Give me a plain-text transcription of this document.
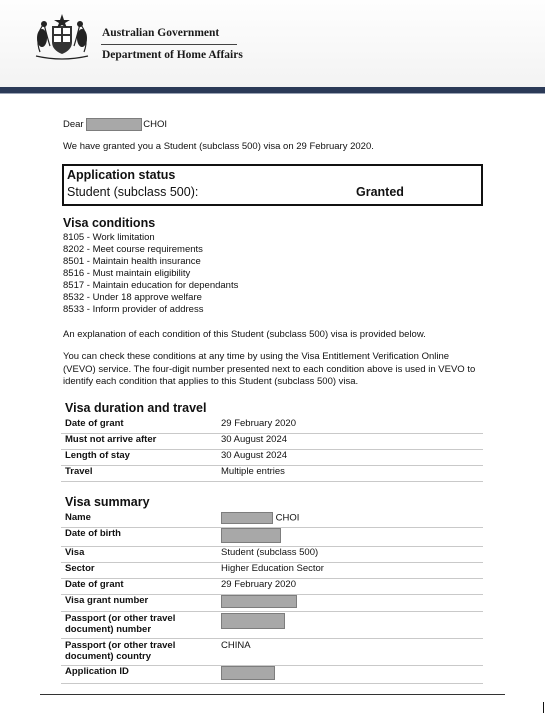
Australian Government
Department of Home Affairs
Dear	CHOI
We have granted you a Student (subclass 500) visa on 29 February 2020.
Application status
Student (subclass 500):	Granted
Visa conditions
8105 - Work limitation
8202 - Meet course requirements
8501 - Maintain health insurance
8516 - Must maintain eligibility
8517 - Maintain education for dependants
8532 - Under 18 approve welfare
8533 - Inform provider of address
An explanation of each condition of this Student (subclass 500) visa is provided below.

You can check these conditions at any time by using the Visa Entitlement Verification Online (VEVO) service. The four-digit number presented next to each condition above is used in VEVO to identify each condition that applies to this Student (subclass 500) visa.

Visa duration and travel
Date of grant	29 February 2020
Must not arrive after	30 August 2024
Length of stay	30 August 2024
Travel	Multiple entries
Visa summary
Name	CHOI
Date of birth	
Visa	Student (subclass 500)
Sector	Higher Education Sector
Date of grant	29 February 2020
Visa grant number	
Passport (or other travel document) number	
Passport (or other travel document) country	CHINA
Application ID	
